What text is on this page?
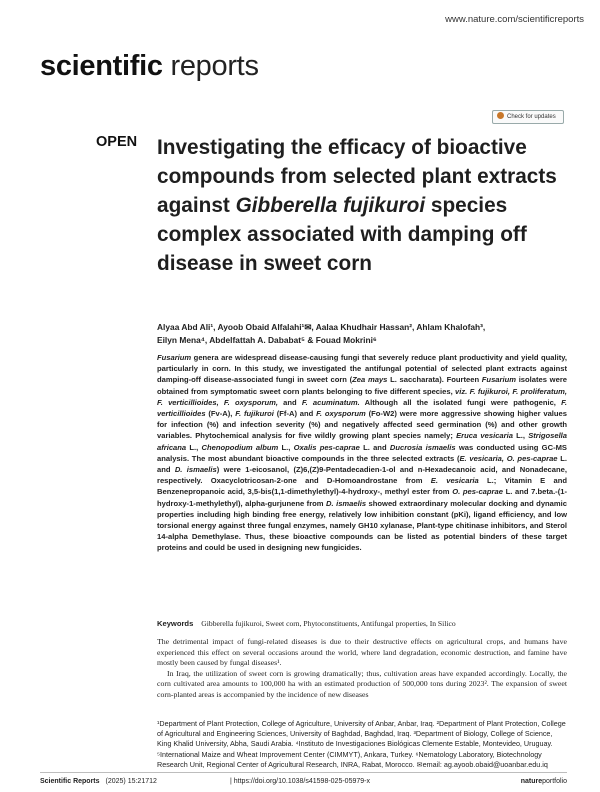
www.nature.com/scientificreports
scientific reports
Check for updates
OPEN Investigating the efficacy of bioactive compounds from selected plant extracts against Gibberella fujikuroi species complex associated with damping off disease in sweet corn
Alyaa Abd Ali¹, Ayoob Obaid Alfalahi¹✉, Aalaa Khudhair Hassan², Ahlam Khalofah³,
Eilyn Mena⁴, Abdelfattah A. Dababat⁵ & Fouad Mokrini⁶
Fusarium genera are widespread disease-causing fungi that severely reduce plant productivity and yield quality, particularly in corn. In this study, we investigated the antifungal potential of selected plant extracts against damping-off disease-associated fungi in sweet corn (Zea mays L. saccharata). Fourteen Fusarium isolates were obtained from symptomatic sweet corn plants belonging to five different species, viz. F. fujikuroi, F. proliferatum, F. verticillioides, F. oxysporum, and F. acuminatum. Although all the isolated fungi were pathogenic, F. verticillioides (Fv-A), F. fujikuroi (Ff-A) and F. oxysporum (Fo-W2) were more aggressive showing higher values for infection (%) and infection severity (%) and negatively affected seed germination (%) and other growth variables. Phytochemical analysis for five wildly growing plant species namely; Eruca vesicaria L., Strigosella africana L., Chenopodium album L., Oxalis pes-caprae L. and Ducrosia ismaelis was conducted using GC-MS analysis. The most abundant bioactive compounds in the three selected extracts (E. vesicaria, O. pes-caprae L. and D. ismaelis) were 1-eicosanol, (Z)6,(Z)9-Pentadecadien-1-ol and n-Hexadecanoic acid, and Nonadecane, respectively. Oxacyclotricosan-2-one and D-Homoandrostane from E. vesicaria L.; Vitamin E and Benzenepropanoic acid, 3,5-bis(1,1-dimethylethyl)-4-hydroxy-, methyl ester from O. pes-caprae L. and 7.beta.-(1-hydroxy-1-methylethyl), alpha-gurjunene from D. ismaelis showed extraordinary molecular docking and dynamic properties including high binding free energy, relatively low inhibition constant (pKi), ligand efficiency, and low torsional energy against three fungal enzymes, namely GH10 xylanase, Plant-type chitinase inhibitors, and Sterol 14-alpha Demethylase. Thus, these bioactive compounds can be listed as potential binders of these target proteins and could be used in designing new fungicides.
Keywords Gibberella fujikuroi, Sweet corn, Phytoconstituents, Antifungal properties, In Silico

The detrimental impact of fungi-related diseases is due to their destructive effects on agricultural crops, and humans have experienced this effect on several occasions around the world, where land degradation, economic destruction, and famine have mostly been caused by fungal diseases¹.

In Iraq, the utilization of sweet corn is growing dramatically; thus, cultivation areas have expanded accordingly. Locally, the corn cultivated area amounts to 100,000 ha with an estimated production of 500,000 tons during 2023². The expansion of sweet corn-planted areas is accompanied by the incidence of new diseases

¹Department of Plant Protection, College of Agriculture, University of Anbar, Anbar, Iraq. ²Department of Plant Protection, College of Agricultural and Engineering Sciences, University of Baghdad, Baghdad, Iraq. ³Department of Biology, College of Science, King Khalid University, Abha, Saudi Arabia. ⁴Instituto de Investigaciones Biológicas Clemente Estable, Montevideo, Uruguay. ⁵International Maize and Wheat Improvement Center (CIMMYT), Ankara, Turkey. ⁶Nematology Laboratory, Biotechnology Research Unit, Regional Center of Agricultural Research, INRA, Rabat, Morocco. ✉email: ag.ayoob.obaid@uoanbar.edu.iq
Scientific Reports (2025) 15:21712	| https://doi.org/10.1038/s41598-025-05979-x	natureportfolio
